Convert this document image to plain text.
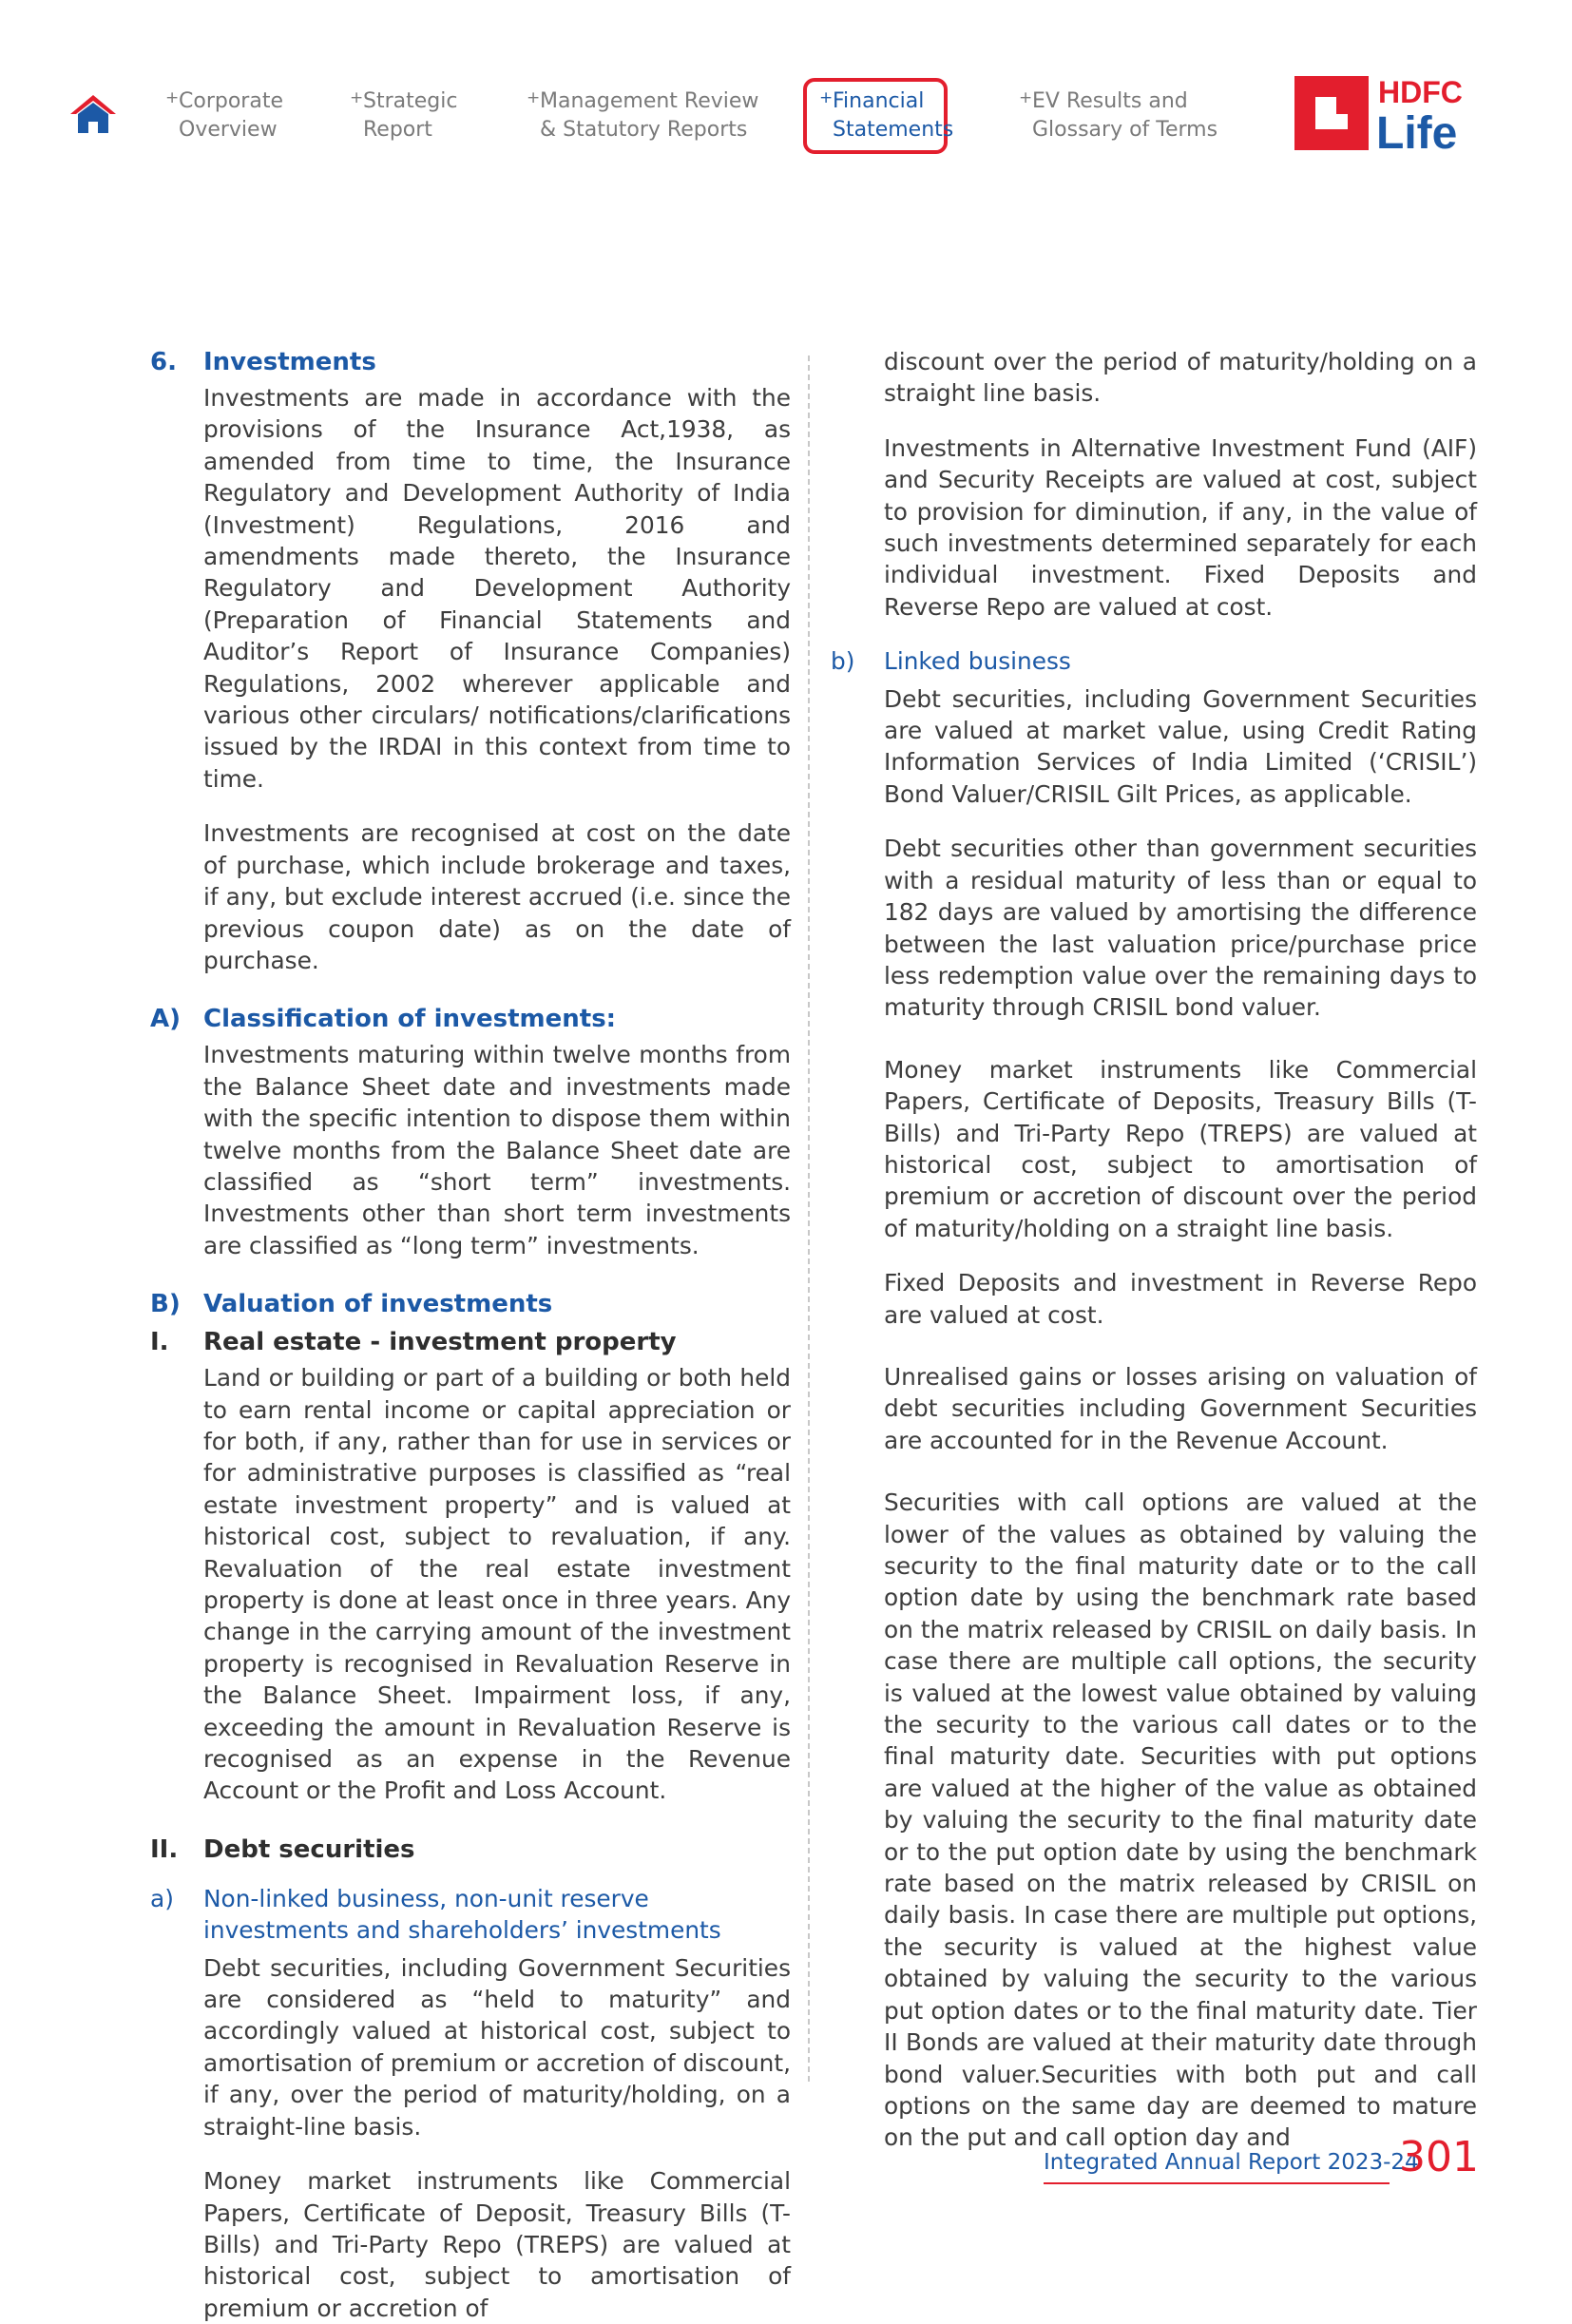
+ Corporate
Overview
+ Strategic
Report
+ Management Review
& Statutory Reports
+ Financial
Statements
+ EV Results and
Glossary of Terms
HDFC
Life
6.	Investments

Investments are made in accordance with the provisions of the Insurance Act,1938, as amended from time to time, the Insurance Regulatory and Development Authority of India (Investment) Regulations, 2016 and amendments made thereto, the Insurance Regulatory and Development Authority (Preparation of Financial Statements and Auditor’s Report of Insurance Companies) Regulations, 2002 wherever applicable and various other circulars/ notifications/clarifications issued by the IRDAI in this context from time to time.

Investments are recognised at cost on the date of purchase, which include brokerage and taxes, if any, but exclude interest accrued (i.e. since the previous coupon date) as on the date of purchase.

A) Classification of investments:

Investments maturing within twelve months from the Balance Sheet date and investments made with the specific intention to dispose them within twelve months from the Balance Sheet date are classified as “short term” investments. Investments other than short term investments are classified as “long term” investments.

B) Valuation of investments
I.	Real estate - investment property

Land or building or part of a building or both held to earn rental income or capital appreciation or for both, if any, rather than for use in services or for administrative purposes is classified as “real estate investment property” and is valued at historical cost, subject to revaluation, if any. Revaluation of the real estate investment property is done at least once in three years. Any change in the carrying amount of the investment property is recognised in Revaluation Reserve in the Balance Sheet. Impairment loss, if any, exceeding the amount in Revaluation Reserve is recognised as an expense in the Revenue Account or the Profit and Loss Account.

II.	Debt securities
a)	Non-linked business, non-unit reserve investments and shareholders’ investments

Debt securities, including Government Securities are considered as “held to maturity” and accordingly valued at historical cost, subject to amortisation of premium or accretion of discount, if any, over the period of maturity/holding, on a straight-line basis.

Money market instruments like Commercial Papers, Certificate of Deposit, Treasury Bills (T-Bills) and Tri-Party Repo (TREPS) are valued at historical cost, subject to amortisation of premium or accretion of

discount over the period of maturity/holding on a straight line basis.

Investments in Alternative Investment Fund (AIF) and Security Receipts are valued at cost, subject to provision for diminution, if any, in the value of such investments determined separately for each individual investment. Fixed Deposits and Reverse Repo are valued at cost.

b)	Linked business

Debt securities, including Government Securities are valued at market value, using Credit Rating Information Services of India Limited (‘CRISIL’) Bond Valuer/CRISIL Gilt Prices, as applicable.

Debt securities other than government securities with a residual maturity of less than or equal to 182 days are valued by amortising the difference between the last valuation price/purchase price less redemption value over the remaining days to maturity through CRISIL bond valuer.

Money market instruments like Commercial Papers, Certificate of Deposits, Treasury Bills (T-Bills) and Tri-Party Repo (TREPS) are valued at historical cost, subject to amortisation of premium or accretion of discount over the period of maturity/holding on a straight line basis.

Fixed Deposits and investment in Reverse Repo are valued at cost.

Unrealised gains or losses arising on valuation of debt securities including Government Securities are accounted for in the Revenue Account.

Securities with call options are valued at the lower of the values as obtained by valuing the security to the final maturity date or to the call option date by using the benchmark rate based on the matrix released by CRISIL on daily basis. In case there are multiple call options, the security is valued at the lowest value obtained by valuing the security to the various call dates or to the final maturity date. Securities with put options are valued at the higher of the value as obtained by valuing the security to the final maturity date or to the put option date by using the benchmark rate based on the matrix released by CRISIL on daily basis. In case there are multiple put options, the security is valued at the highest value obtained by valuing the security to the various put option dates or to the final maturity date. Tier II Bonds are valued at their maturity date through bond valuer.Securities with both put and call options on the same day are deemed to mature on the put and call option day and

Integrated Annual Report 2023-24
301
